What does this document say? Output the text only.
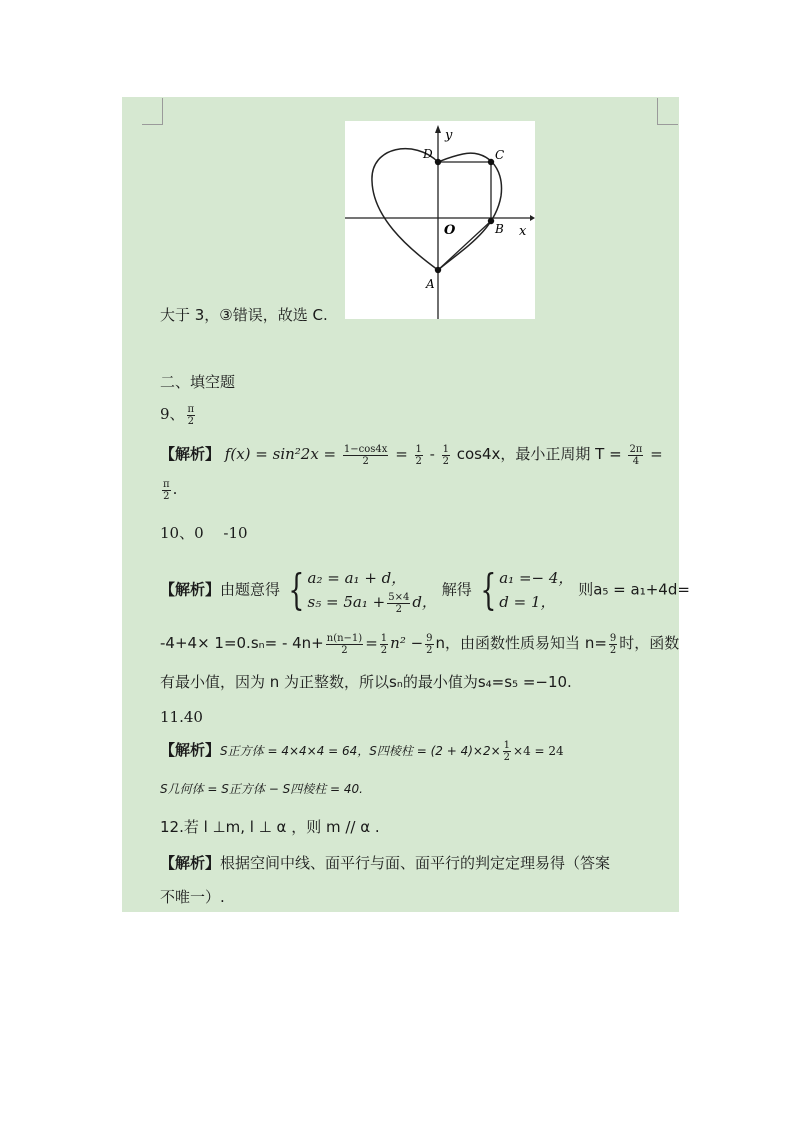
y
x
O
A
B
C
D
大于 3，③错误，故选 C.
二、填空题
9、 $\frac{\pi}{2}$
【解析】 $f(x) = \sin^22x = \frac{1-\cos 4x}{2} = \frac{1}{2} - \frac{1}{2} \cos 4x$，最小正周期 $T = \frac{2\pi}{4}$ =
$\frac{\pi}{2}$ .
10、0　 -10
【解析】由题意得 { a₂ = a₁ + d，
$s_5 = 5a_1 + \frac{5\times 4}{2}$ d，
解得 { a₁ =− 4，
d = 1，
则a₅ = a₁+4d=
$-4+4\times 1=0.s_n= - 4n+ \frac{n(n-1)}{2} = \frac{1}{2} n^2 - \frac{9}{2}$ n，由函数性质易知当 $n= \frac{9}{2}$ 时，函数
有最小值，因为 n 为正整数，所以sₙ的最小值为s₄=s₅ =−10.
11.40
【解析】S正方体 = 4×4×4 = 64，S四棱柱 = $(2 + 4)\times 2\times \frac{1}{2} \times 4 = 24$
S几何体 = S正方体 − S四棱柱 = 40.
12.若 l ⊥m, l ⊥ α ，则 m // α .
【解析】根据空间中线、面平行与面、面平行的判定定理易得（答案
不唯一）.
